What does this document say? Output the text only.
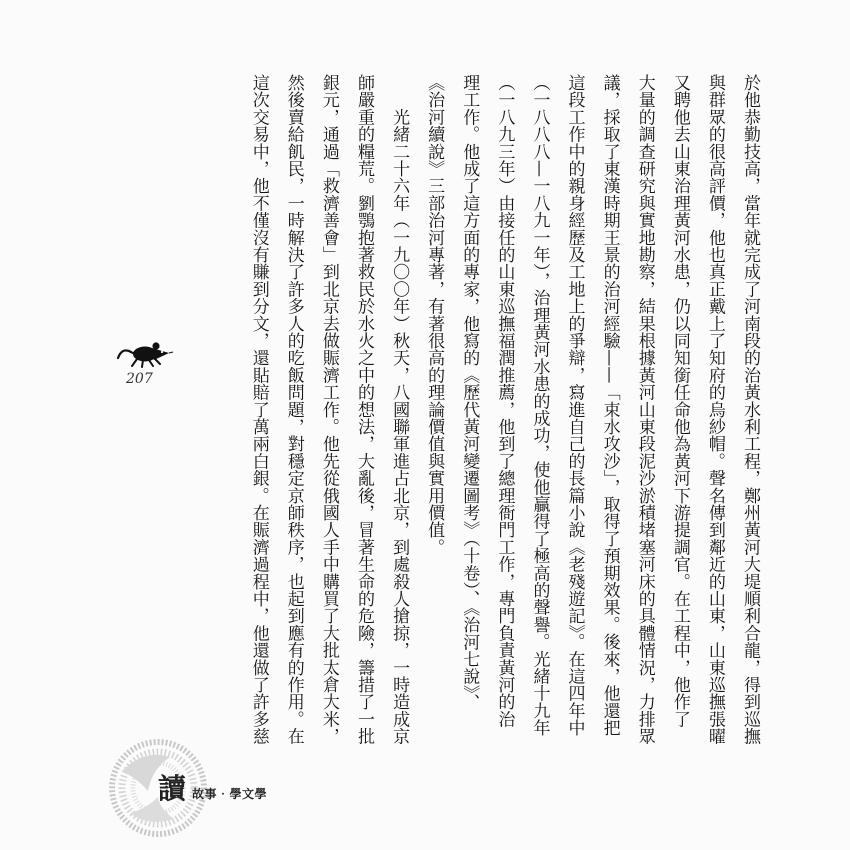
於他恭勤技高，當年就完成了河南段的治黃水利工程，鄭州黃河大堤順利合龍，得到巡撫
與群眾的很高評價，他也真正戴上了知府的烏紗帽。聲名傳到鄰近的山東，山東巡撫張曜
又聘他去山東治理黃河水患，仍以同知銜任命他為黃河下游提調官。在工程中，他作了
大量的調查研究與實地勘察，結果根據黃河山東段泥沙淤積堵塞河床的具體情況，力排眾
議，採取了東漢時期王景的治河經驗——「束水攻沙」，取得了預期效果。後來，他還把
這段工作中的親身經歷及工地上的爭辯，寫進自己的長篇小說《老殘遊記》。在這四年中
（一八八八—一八九一年），治理黃河水患的成功，使他贏得了極高的聲譽。光緒十九年
（一八九三年）由接任的山東巡撫福潤推薦，他到了總理衙門工作，專門負責黃河的治
理工作。他成了這方面的專家，他寫的《歷代黃河變遷圖考》（十卷）、《治河七說》、
《治河續說》三部治河專著，有著很高的理論價值與實用價值。
　　光緒二十六年（一九〇〇年）秋天，八國聯軍進占北京，到處殺人搶掠，一時造成京
師嚴重的糧荒。劉鶚抱著救民於水火之中的想法，大亂後，冒著生命的危險，籌措了一批
銀元，通過「救濟善會」到北京去做賑濟工作。他先從俄國人手中購買了大批太倉大米，
然後賣給飢民，一時解決了許多人的吃飯問題，對穩定京師秩序，也起到應有的作用。在
這次交易中，他不僅沒有賺到分文，還貼賠了萬兩白銀。在賑濟過程中，他還做了許多慈
207
讀 故事‧學文學
